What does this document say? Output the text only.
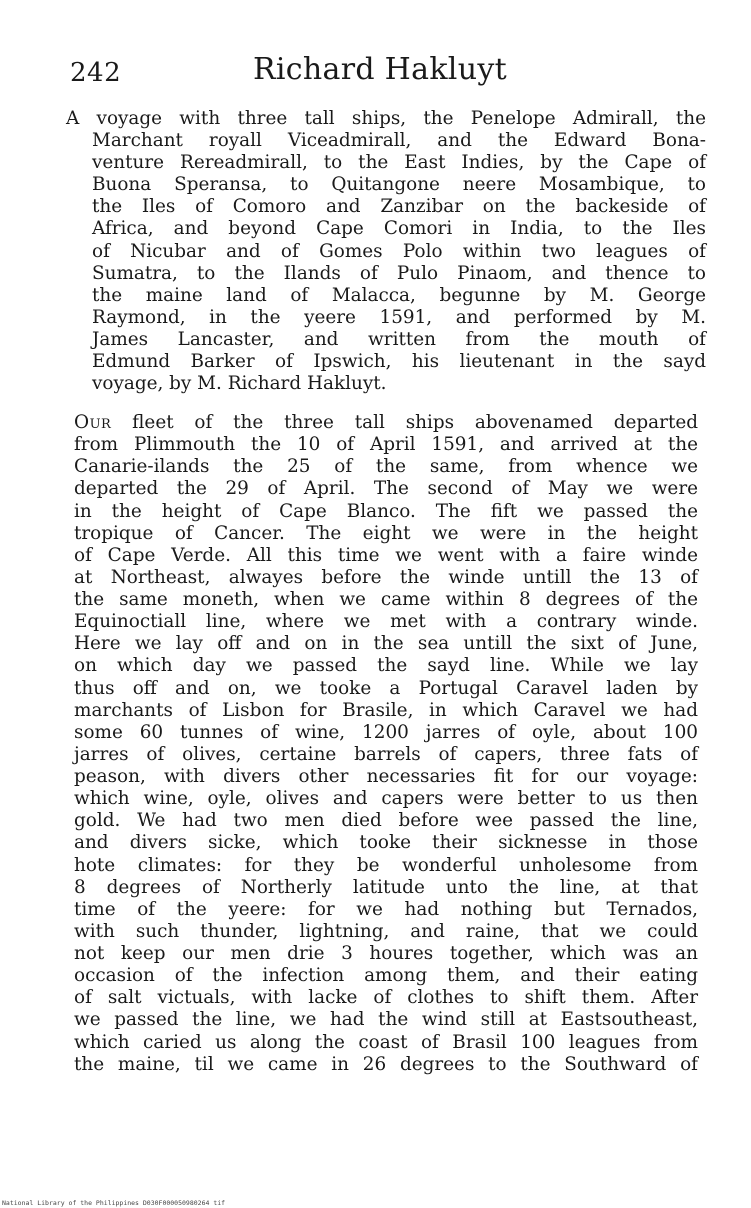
242	Richard Hakluyt

A voyage with three tall ships, the Penelope Admirall, the
Marchant royall Viceadmirall, and the Edward Bona-
venture Rereadmirall, to the East Indies, by the Cape of
Buona Speransa, to Quitangone neere Mosambique, to
the Iles of Comoro and Zanzibar on the backeside of
Africa, and beyond Cape Comori in India, to the Iles
of Nicubar and of Gomes Polo within two leagues of
Sumatra, to the Ilands of Pulo Pinaom, and thence to
the maine land of Malacca, begunne by M. George
Raymond, in the yeere 1591, and performed by M.
James Lancaster, and written from the mouth of
Edmund Barker of Ipswich, his lieutenant in the sayd
voyage, by M. Richard Hakluyt.

Our fleet of the three tall ships abovenamed departed
from Plimmouth the 10 of April 1591, and arrived at the
Canarie-ilands the 25 of the same, from whence we
departed the 29 of April. The second of May we were
in the height of Cape Blanco. The fift we passed the
tropique of Cancer. The eight we were in the height
of Cape Verde. All this time we went with a faire winde
at Northeast, alwayes before the winde untill the 13 of
the same moneth, when we came within 8 degrees of the
Equinoctiall line, where we met with a contrary winde.
Here we lay off and on in the sea untill the sixt of June,
on which day we passed the sayd line. While we lay
thus off and on, we tooke a Portugal Caravel laden by
marchants of Lisbon for Brasile, in which Caravel we had
some 60 tunnes of wine, 1200 jarres of oyle, about 100
jarres of olives, certaine barrels of capers, three fats of
peason, with divers other necessaries fit for our voyage:
which wine, oyle, olives and capers were better to us then
gold. We had two men died before wee passed the line,
and divers sicke, which tooke their sicknesse in those
hote climates: for they be wonderful unholesome from
8 degrees of Northerly latitude unto the line, at that
time of the yeere: for we had nothing but Ternados,
with such thunder, lightning, and raine, that we could
not keep our men drie 3 houres together, which was an
occasion of the infection among them, and their eating
of salt victuals, with lacke of clothes to shift them. After
we passed the line, we had the wind still at Eastsoutheast,
which caried us along the coast of Brasil 100 leagues from
the maine, til we came in 26 degrees to the Southward of

National Library of the Philippines D030F000050980264 tif
